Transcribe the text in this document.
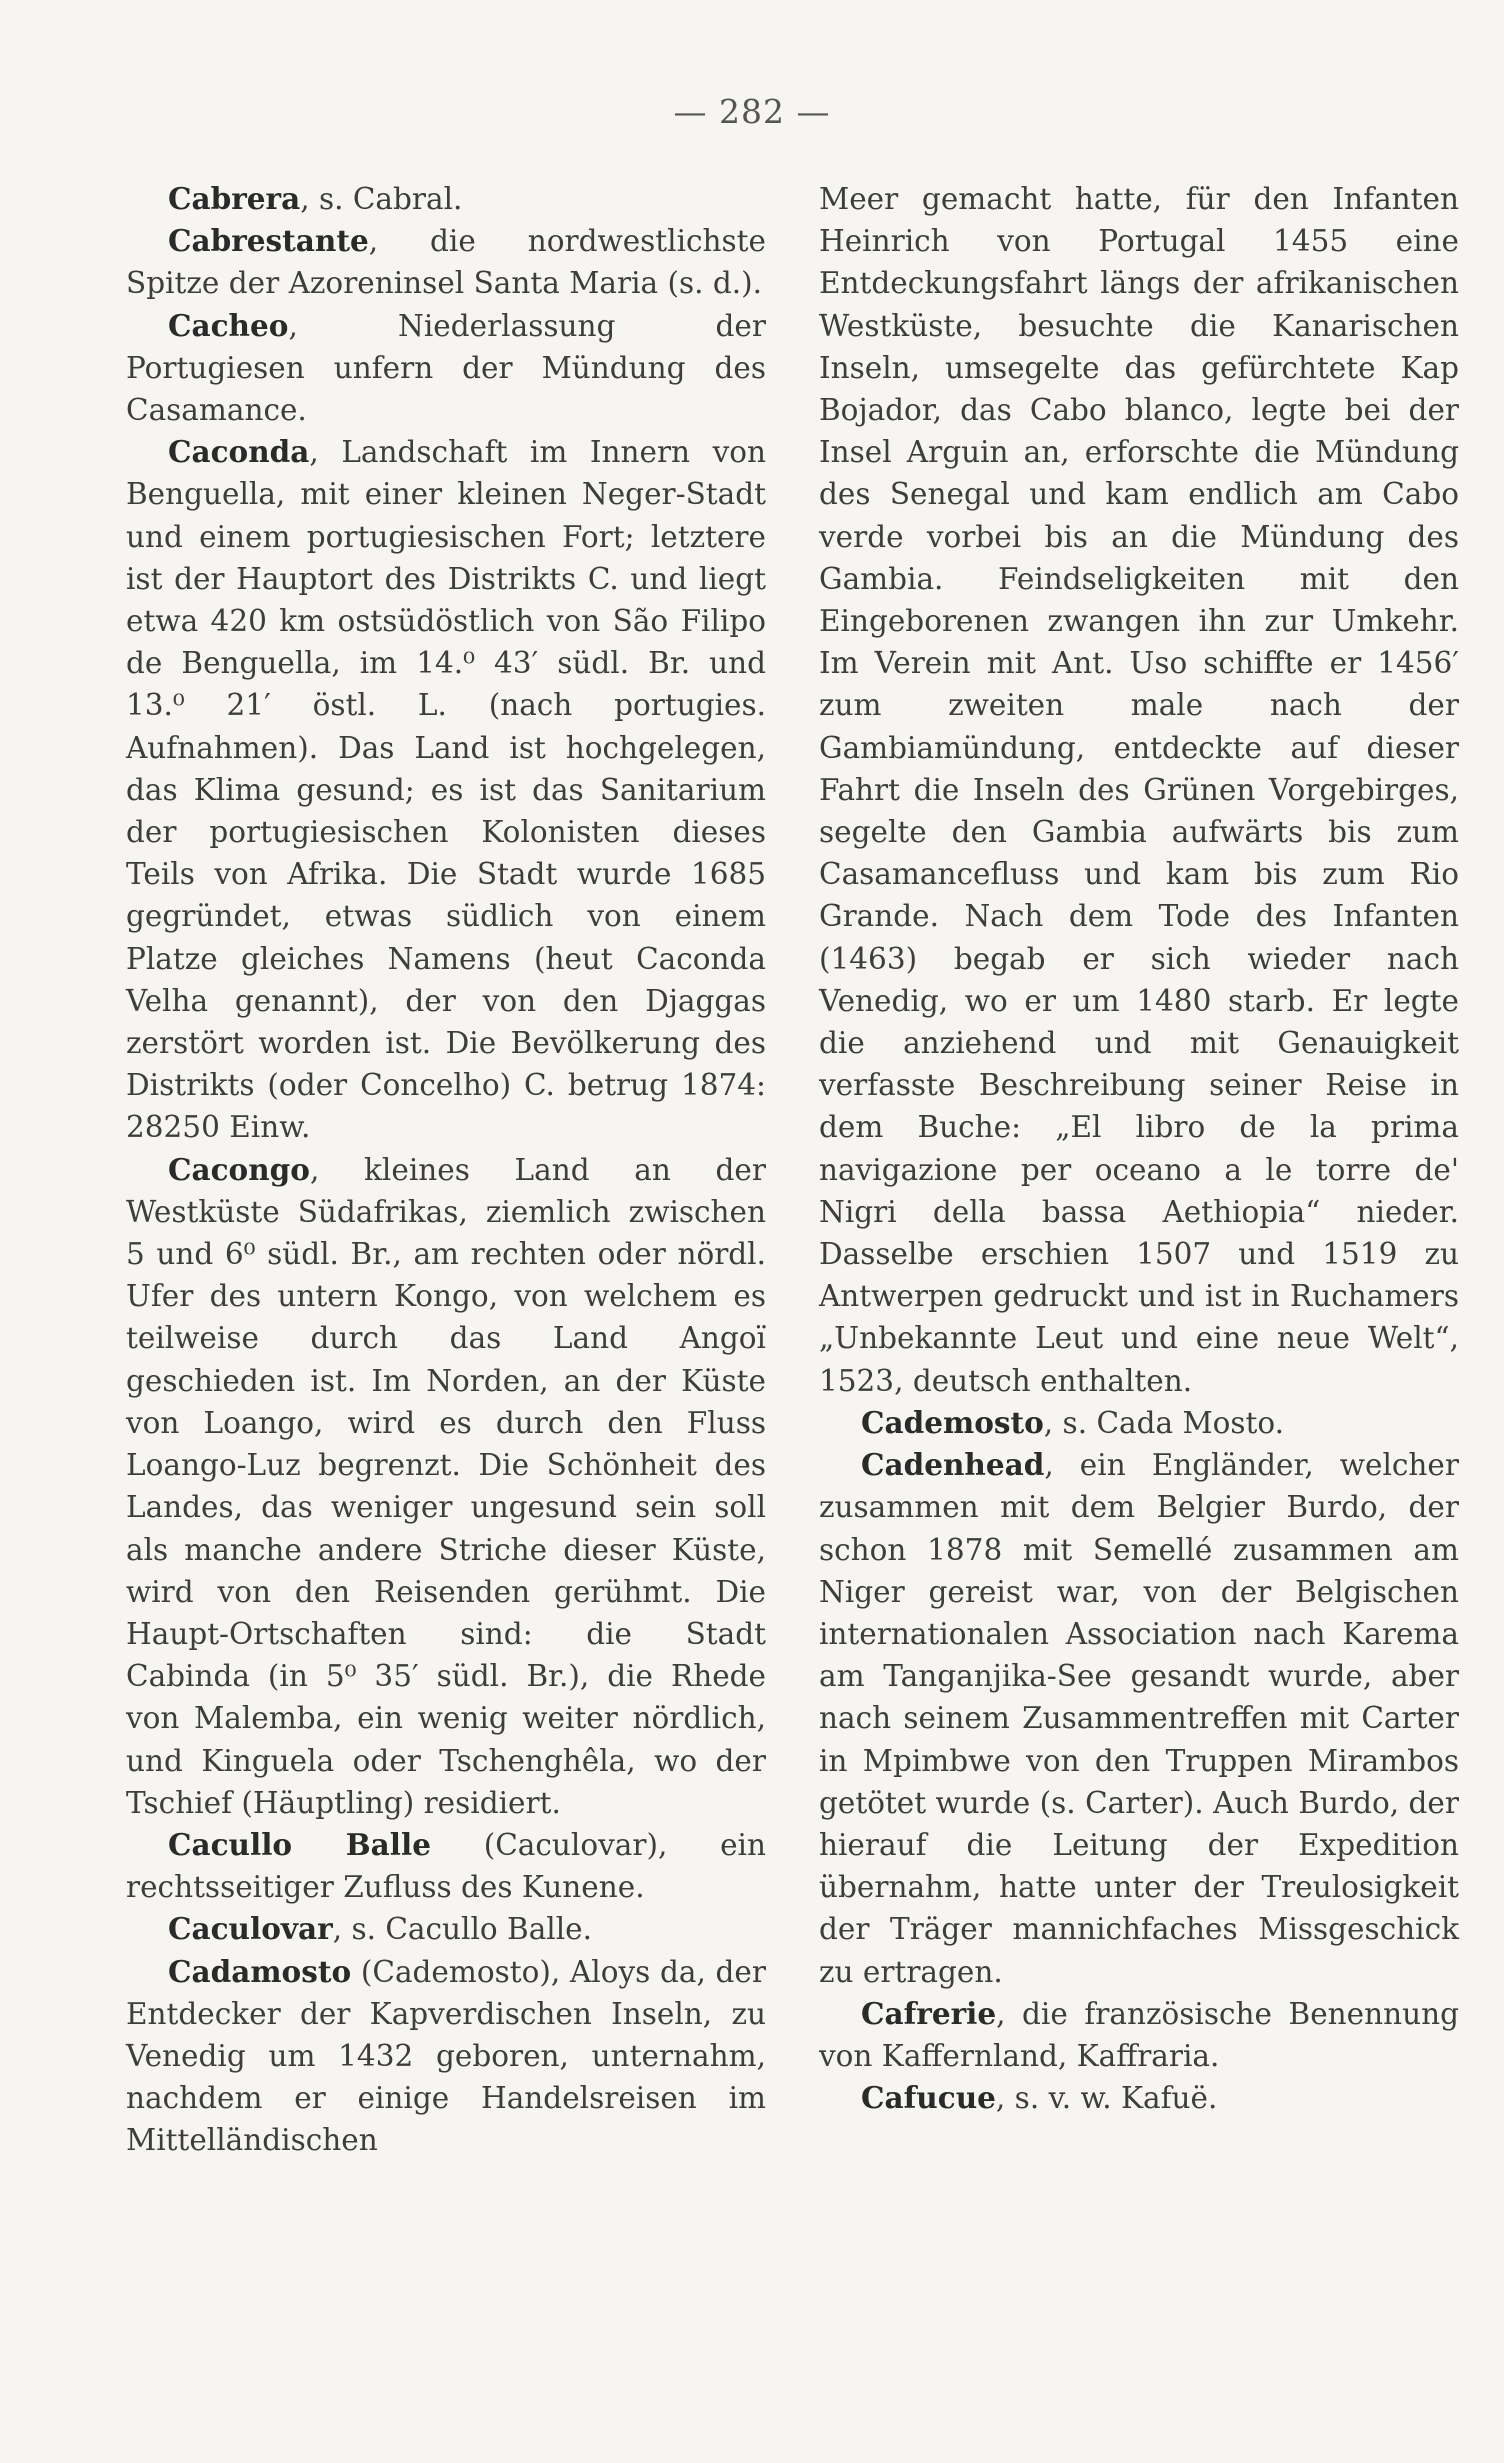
— 282 —

Cabrera, s. Cabral.

Cabrestante, die nordwestlichste Spitze der Azoreninsel Santa Maria (s. d.).

Cacheo, Niederlassung der Portugiesen unfern der Mündung des Casamance.

Caconda, Landschaft im Innern von Benguella, mit einer kleinen Neger-Stadt und einem portugiesischen Fort; letztere ist der Hauptort des Distrikts C. und liegt etwa 420 km ostsüdöstlich von São Filipo de Benguella, im 14.⁰ 43′ südl. Br. und 13.⁰ 21′ östl. L. (nach portugies. Aufnahmen). Das Land ist hochgelegen, das Klima gesund; es ist das Sanitarium der portugiesischen Kolonisten dieses Teils von Afrika. Die Stadt wurde 1685 gegründet, etwas südlich von einem Platze gleiches Namens (heut Caconda Velha genannt), der von den Djaggas zerstört worden ist. Die Bevölkerung des Distrikts (oder Concelho) C. betrug 1874: 28250 Einw.

Cacongo, kleines Land an der Westküste Südafrikas, ziemlich zwischen 5 und 6⁰ südl. Br., am rechten oder nördl. Ufer des untern Kongo, von welchem es teilweise durch das Land Angoï geschieden ist. Im Norden, an der Küste von Loango, wird es durch den Fluss Loango-Luz begrenzt. Die Schönheit des Landes, das weniger ungesund sein soll als manche andere Striche dieser Küste, wird von den Reisenden gerühmt. Die Haupt-Ortschaften sind: die Stadt Cabinda (in 5⁰ 35′ südl. Br.), die Rhede von Malemba, ein wenig weiter nördlich, und Kinguela oder Tschenghêla, wo der Tschief (Häuptling) residiert.

Cacullo Balle (Caculovar), ein rechtsseitiger Zufluss des Kunene.

Caculovar, s. Cacullo Balle.

Cadamosto (Cademosto), Aloys da, der Entdecker der Kapverdischen Inseln, zu Venedig um 1432 geboren, unternahm, nachdem er einige Handelsreisen im Mittelländischen

Meer gemacht hatte, für den Infanten Heinrich von Portugal 1455 eine Entdeckungsfahrt längs der afrikanischen Westküste, besuchte die Kanarischen Inseln, umsegelte das gefürchtete Kap Bojador, das Cabo blanco, legte bei der Insel Arguin an, erforschte die Mündung des Senegal und kam endlich am Cabo verde vorbei bis an die Mündung des Gambia. Feindseligkeiten mit den Eingeborenen zwangen ihn zur Umkehr. Im Verein mit Ant. Uso schiffte er 1456′ zum zweiten male nach der Gambiamündung, entdeckte auf dieser Fahrt die Inseln des Grünen Vorgebirges, segelte den Gambia aufwärts bis zum Casamancefluss und kam bis zum Rio Grande. Nach dem Tode des Infanten (1463) begab er sich wieder nach Venedig, wo er um 1480 starb. Er legte die anziehend und mit Genauigkeit verfasste Beschreibung seiner Reise in dem Buche: „El libro de la prima navigazione per oceano a le torre de' Nigri della bassa Aethiopia“ nieder. Dasselbe erschien 1507 und 1519 zu Antwerpen gedruckt und ist in Ruchamers „Unbekannte Leut und eine neue Welt“, 1523, deutsch enthalten.

Cademosto, s. Cada Mosto.

Cadenhead, ein Engländer, welcher zusammen mit dem Belgier Burdo, der schon 1878 mit Semellé zusammen am Niger gereist war, von der Belgischen internationalen Association nach Karema am Tanganjika-See gesandt wurde, aber nach seinem Zusammentreffen mit Carter in Mpimbwe von den Truppen Mirambos getötet wurde (s. Carter). Auch Burdo, der hierauf die Leitung der Expedition übernahm, hatte unter der Treulosigkeit der Träger mannichfaches Missgeschick zu ertragen.

Cafrerie, die französische Benennung von Kaffernland, Kaffraria.

Cafucue, s. v. w. Kafuë.
